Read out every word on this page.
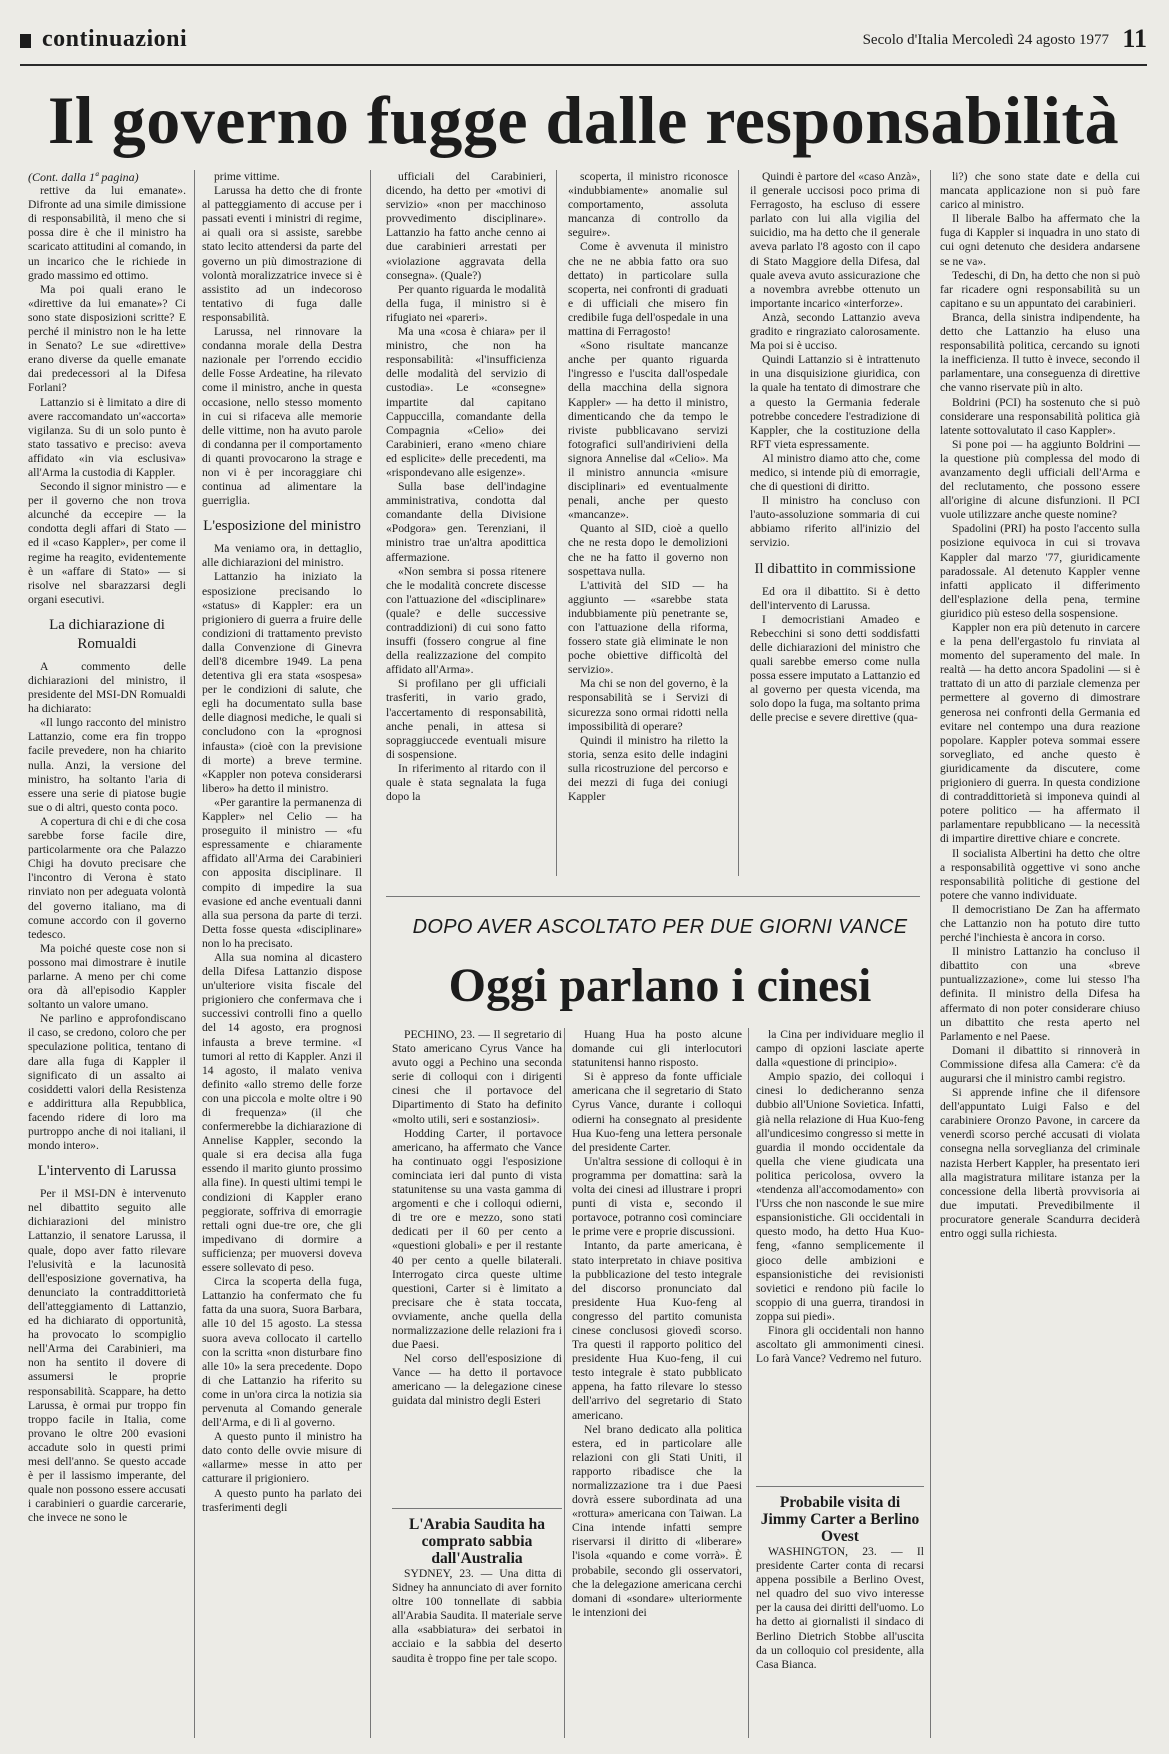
continuazioni	Secolo d'Italia Mercoledì 24 agosto 1977 11
Il governo fugge dalle responsabilità

(Cont. dalla 1ª pagina)

rettive da lui emanate». Difronte ad una simile dimissione di responsabilità, il meno che si possa dire è che il ministro ha scaricato attitudini al comando, in un incarico che le richiede in grado massimo ed ottimo.

Ma poi quali erano le «direttive da lui emanate»? Ci sono state disposizioni scritte? E perché il ministro non le ha lette in Senato? Le sue «direttive» erano diverse da quelle emanate dai predecessori al la Difesa Forlani?

Lattanzio si è limitato a dire di avere raccomandato un'«accorta» vigilanza. Su di un solo punto è stato tassativo e preciso: aveva affidato «in via esclusiva» all'Arma la custodia di Kappler.

Secondo il signor ministro — e per il governo che non trova alcunché da eccepire — la condotta degli affari di Stato — ed il «caso Kappler», per come il regime ha reagito, evidentemente è un «affare di Stato» — si risolve nel sbarazzarsi degli organi esecutivi.

La dichiarazione di Romualdi

A commento delle dichiarazioni del ministro, il presidente del MSI-DN Romualdi ha dichiarato:

«Il lungo racconto del ministro Lattanzio, come era fin troppo facile prevedere, non ha chiarito nulla. Anzi, la versione del ministro, ha soltanto l'aria di essere una serie di piatose bugie sue o di altri, questo conta poco.

A copertura di chi e di che cosa sarebbe forse facile dire, particolarmente ora che Palazzo Chigi ha dovuto precisare che l'incontro di Verona è stato rinviato non per adeguata volontà del governo italiano, ma di comune accordo con il governo tedesco.

Ma poiché queste cose non si possono mai dimostrare è inutile parlarne. A meno per chi come ora dà all'episodio Kappler soltanto un valore umano.

Ne parlino e approfondiscano il caso, se credono, coloro che per speculazione politica, tentano di dare alla fuga di Kappler il significato di un assalto ai cosiddetti valori della Resistenza e addirittura alla Repubblica, facendo ridere di loro ma purtroppo anche di noi italiani, il mondo intero».

L'intervento di Larussa

Per il MSI-DN è intervenuto nel dibattito seguito alle dichiarazioni del ministro Lattanzio, il senatore Larussa, il quale, dopo aver fatto rilevare l'elusività e la lacunosità dell'esposizione governativa, ha denunciato la contraddittorietà dell'atteggiamento di Lattanzio, ed ha dichiarato di opportunità, ha provocato lo scompiglio nell'Arma dei Carabinieri, ma non ha sentito il dovere di assumersi le proprie responsabilità. Scappare, ha detto Larussa, è ormai pur troppo fin troppo facile in Italia, come provano le oltre 200 evasioni accadute solo in questi primi mesi dell'anno. Se questo accade è per il lassismo imperante, del quale non possono essere accusati i carabinieri o guardie carcerarie, che invece ne sono le

prime vittime.

Larussa ha detto che di fronte al patteggiamento di accuse per i passati eventi i ministri di regime, ai quali ora si assiste, sarebbe stato lecito attendersi da parte del governo un più dimostrazione di volontà moralizzatrice invece si è assistito ad un indecoroso tentativo di fuga dalle responsabilità.

Larussa, nel rinnovare la condanna morale della Destra nazionale per l'orrendo eccidio delle Fosse Ardeatine, ha rilevato come il ministro, anche in questa occasione, nello stesso momento in cui si rifaceva alle memorie delle vittime, non ha avuto parole di condanna per il comportamento di quanti provocarono la strage e non vi è per incoraggiare chi continua ad alimentare la guerriglia.

L'esposizione del ministro

Ma veniamo ora, in dettaglio, alle dichiarazioni del ministro.

Lattanzio ha iniziato la esposizione precisando lo «status» di Kappler: era un prigioniero di guerra a fruire delle condizioni di trattamento previsto dalla Convenzione di Ginevra dell'8 dicembre 1949. La pena detentiva gli era stata «sospesa» per le condizioni di salute, che egli ha documentato sulla base delle diagnosi mediche, le quali si concludono con la «prognosi infausta» (cioè con la previsione di morte) a breve termine. «Kappler non poteva considerarsi libero» ha detto il ministro.

«Per garantire la permanenza di Kappler» nel Celio — ha proseguito il ministro — «fu espressamente e chiaramente affidato all'Arma dei Carabinieri con apposita disciplinare. Il compito di impedire la sua evasione ed anche eventuali danni alla sua persona da parte di terzi. Detta fosse questa «disciplinare» non lo ha precisato.

Alla sua nomina al dicastero della Difesa Lattanzio dispose un'ulteriore visita fiscale del prigioniero che confermava che i successivi controlli fino a quello del 14 agosto, era prognosi infausta a breve termine. «I tumori al retto di Kappler. Anzi il 14 agosto, il malato veniva definito «allo stremo delle forze con una piccola e molte oltre i 90 di frequenza» (il che confermerebbe la dichiarazione di Annelise Kappler, secondo la quale si era decisa alla fuga essendo il marito giunto prossimo alla fine). In questi ultimi tempi le condizioni di Kappler erano peggiorate, soffriva di emorragie rettali ogni due-tre ore, che gli impedivano di dormire a sufficienza; per muoversi doveva essere sollevato di peso.

Circa la scoperta della fuga, Lattanzio ha confermato che fu fatta da una suora, Suora Barbara, alle 10 del 15 agosto. La stessa suora aveva collocato il cartello con la scritta «non disturbare fino alle 10» la sera precedente. Dopo di che Lattanzio ha riferito su come in un'ora circa la notizia sia pervenuta al Comando generale dell'Arma, e di lì al governo.

A questo punto il ministro ha dato conto delle ovvie misure di «allarme» messe in atto per catturare il prigioniero.

A questo punto ha parlato dei trasferimenti degli

ufficiali del Carabinieri, dicendo, ha detto per «motivi di servizio» «non per macchinoso provvedimento disciplinare». Lattanzio ha fatto anche cenno ai due carabinieri arrestati per «violazione aggravata della consegna». (Quale?)

Per quanto riguarda le modalità della fuga, il ministro si è rifugiato nei «pareri».

Ma una «cosa è chiara» per il ministro, che non ha responsabilità: «l'insufficienza delle modalità del servizio di custodia». Le «consegne» impartite dal capitano Cappuccilla, comandante della Compagnia «Celio» dei Carabinieri, erano «meno chiare ed esplicite» delle precedenti, ma «rispondevano alle esigenze».

Sulla base dell'indagine amministrativa, condotta dal comandante della Divisione «Podgora» gen. Terenziani, il ministro trae un'altra apodittica affermazione.

«Non sembra si possa ritenere che le modalità concrete discesse con l'attuazione del «disciplinare» (quale? e delle successive contraddizioni) di cui sono fatto insuffi (fossero congrue al fine della realizzazione del compito affidato all'Arma».

Si profilano per gli ufficiali trasferiti, in vario grado, l'accertamento di responsabilità, anche penali, in attesa si sopraggiuccede eventuali misure di sospensione.

In riferimento al ritardo con il quale è stata segnalata la fuga dopo la

scoperta, il ministro riconosce «indubbiamente» anomalie sul comportamento, assoluta mancanza di controllo da seguire».

Come è avvenuta il ministro che ne ne abbia fatto ora suo dettato) in particolare sulla scoperta, nei confronti di graduati e di ufficiali che misero fin credibile fuga dell'ospedale in una mattina di Ferragosto!

«Sono risultate mancanze anche per quanto riguarda l'ingresso e l'uscita dall'ospedale della macchina della signora Kappler» — ha detto il ministro, dimenticando che da tempo le riviste pubblicavano servizi fotografici sull'andirivieni della signora Annelise dal «Celio». Ma il ministro annuncia «misure disciplinari» ed eventualmente penali, anche per questo «mancanze».

Quanto al SID, cioè a quello che ne resta dopo le demolizioni che ne ha fatto il governo non sospettava nulla.

L'attività del SID — ha aggiunto — «sarebbe stata indubbiamente più penetrante se, con l'attuazione della riforma, fossero state già eliminate le non poche obiettive difficoltà del servizio».

Ma chi se non del governo, è la responsabilità se i Servizi di sicurezza sono ormai ridotti nella impossibilità di operare?

Quindi il ministro ha riletto la storia, senza esito delle indagini sulla ricostruzione del percorso e dei mezzi di fuga dei coniugi Kappler

Quindi è partore del «caso Anzà», il generale uccisosi poco prima di Ferragosto, ha escluso di essere parlato con lui alla vigilia del suicidio, ma ha detto che il generale aveva parlato l'8 agosto con il capo di Stato Maggiore della Difesa, dal quale aveva avuto assicurazione che a novembra avrebbe ottenuto un importante incarico «interforze».

Anzà, secondo Lattanzio aveva gradito e ringraziato calorosamente. Ma poi si è ucciso.

Quindi Lattanzio si è intrattenuto in una disquisizione giuridica, con la quale ha tentato di dimostrare che a questo la Germania federale potrebbe concedere l'estradizione di Kappler, che la costituzione della RFT vieta espressamente.

Al ministro diamo atto che, come medico, si intende più di emorragie, che di questioni di diritto.

Il ministro ha concluso con l'auto-assoluzione sommaria di cui abbiamo riferito all'inizio del servizio.

Il dibattito in commissione

Ed ora il dibattito. Si è detto dell'intervento di Larussa.

I democristiani Amadeo e Rebecchini si sono detti soddisfatti delle dichiarazioni del ministro che quali sarebbe emerso come nulla possa essere imputato a Lattanzio ed al governo per questa vicenda, ma solo dopo la fuga, ma soltanto prima delle precise e severe direttive (qua-

li?) che sono state date e della cui mancata applicazione non si può fare carico al ministro.

Il liberale Balbo ha affermato che la fuga di Kappler si inquadra in uno stato di cui ogni detenuto che desidera andarsene se ne va».

Tedeschi, di Dn, ha detto che non si può far ricadere ogni responsabilità su un capitano e su un appuntato dei carabinieri.

Branca, della sinistra indipendente, ha detto che Lattanzio ha eluso una responsabilità politica, cercando su ignoti la inefficienza. Il tutto è invece, secondo il parlamentare, una conseguenza di direttive che vanno riservate più in alto.

Boldrini (PCI) ha sostenuto che si può considerare una responsabilità politica già latente sottovalutato il caso Kappler».

Si pone poi — ha aggiunto Boldrini — la questione più complessa del modo di avanzamento degli ufficiali dell'Arma e del reclutamento, che possono essere all'origine di alcune disfunzioni. Il PCI vuole utilizzare anche queste nomine?

Spadolini (PRI) ha posto l'accento sulla posizione equivoca in cui si trovava Kappler dal marzo '77, giuridicamente paradossale. Al detenuto Kappler venne infatti applicato il differimento dell'esplazione della pena, termine giuridico più esteso della sospensione.

Kappler non era più detenuto in carcere e la pena dell'ergastolo fu rinviata al momento del superamento del male. In realtà — ha detto ancora Spadolini — si è trattato di un atto di parziale clemenza per permettere al governo di dimostrare generosa nei confronti della Germania ed evitare nel contempo una dura reazione popolare. Kappler poteva sommai essere sorvegliato, ed anche questo è giuridicamente da discutere, come prigioniero di guerra. In questa condizione di contraddittorietà si imponeva quindi al potere politico — ha affermato il parlamentare repubblicano — la necessità di impartire direttive chiare e concrete.

Il socialista Albertini ha detto che oltre a responsabilità oggettive vi sono anche responsabilità politiche di gestione del potere che vanno individuate.

Il democristiano De Zan ha affermato che Lattanzio non ha potuto dire tutto perché l'inchiesta è ancora in corso.

Il ministro Lattanzio ha concluso il dibattito con una «breve puntualizzazione», come lui stesso l'ha definita. Il ministro della Difesa ha affermato di non poter considerare chiuso un dibattito che resta aperto nel Parlamento e nel Paese.

Domani il dibattito si rinnoverà in Commissione difesa alla Camera: c'è da augurarsi che il ministro cambi registro.

Si apprende infine che il difensore dell'appuntato Luigi Falso e del carabiniere Oronzo Pavone, in carcere da venerdì scorso perché accusati di violata consegna nella sorveglianza del criminale nazista Herbert Kappler, ha presentato ieri alla magistratura militare istanza per la concessione della libertà provvisoria ai due imputati. Prevedibilmente il procuratore generale Scandurra deciderà entro oggi sulla richiesta.

DOPO AVER ASCOLTATO PER DUE GIORNI VANCE
Oggi parlano i cinesi

PECHINO, 23. — Il segretario di Stato americano Cyrus Vance ha avuto oggi a Pechino una seconda serie di colloqui con i dirigenti cinesi che il portavoce del Dipartimento di Stato ha definito «molto utili, seri e sostanziosi».

Hodding Carter, il portavoce americano, ha affermato che Vance ha continuato oggi l'esposizione cominciata ieri dal punto di vista statunitense su una vasta gamma di argomenti e che i colloqui odierni, di tre ore e mezzo, sono stati dedicati per il 60 per cento a «questioni globali» e per il restante 40 per cento a quelle bilaterali. Interrogato circa queste ultime questioni, Carter si è limitato a precisare che è stata toccata, ovviamente, anche quella della normalizzazione delle relazioni fra i due Paesi.

Nel corso dell'esposizione di Vance — ha detto il portavoce americano — la delegazione cinese guidata dal ministro degli Esteri

Huang Hua ha posto alcune domande cui gli interlocutori statunitensi hanno risposto.

Si è appreso da fonte ufficiale americana che il segretario di Stato Cyrus Vance, durante i colloqui odierni ha consegnato al presidente Hua Kuo-feng una lettera personale del presidente Carter.

Un'altra sessione di colloqui è in programma per domattina: sarà la volta dei cinesi ad illustrare i propri punti di vista e, secondo il portavoce, potranno così cominciare le prime vere e proprie discussioni.

Intanto, da parte americana, è stato interpretato in chiave positiva la pubblicazione del testo integrale del discorso pronunciato dal presidente Hua Kuo-feng al congresso del partito comunista cinese conclusosi giovedì scorso. Tra questi il rapporto politico del presidente Hua Kuo-feng, il cui testo integrale è stato pubblicato appena, ha fatto rilevare lo stesso dell'arrivo del segretario di Stato americano.

Nel brano dedicato alla politica estera, ed in particolare alle relazioni con gli Stati Uniti, il rapporto ribadisce che la normalizzazione tra i due Paesi dovrà essere subordinata ad una «rottura» americana con Taiwan. La Cina intende infatti sempre riservarsi il diritto di «liberare» l'isola «quando e come vorrà». È probabile, secondo gli osservatori, che la delegazione americana cerchi domani di «sondare» ulteriormente le intenzioni dei

la Cina per individuare meglio il campo di opzioni lasciate aperte dalla «questione di principio».

Ampio spazio, dei colloqui i cinesi lo dedicheranno senza dubbio all'Unione Sovietica. Infatti, già nella relazione di Hua Kuo-feng all'undicesimo congresso si mette in guardia il mondo occidentale da quella che viene giudicata una politica pericolosa, ovvero la «tendenza all'accomodamento» con l'Urss che non nasconde le sue mire espansionistiche. Gli occidentali in questo modo, ha detto Hua Kuo-feng, «fanno semplicemente il gioco delle ambizioni e espansionistiche dei revisionisti sovietici e rendono più facile lo scoppio di una guerra, tirandosi in zoppa sui piedi».

Finora gli occidentali non hanno ascoltato gli ammonimenti cinesi. Lo farà Vance? Vedremo nel futuro.

L'Arabia Saudita ha comprato sabbia dall'Australia

SYDNEY, 23. — Una ditta di Sidney ha annunciato di aver fornito oltre 100 tonnellate di sabbia all'Arabia Saudita. Il materiale serve alla «sabbiatura» dei serbatoi in acciaio e la sabbia del deserto saudita è troppo fine per tale scopo.

Probabile visita di Jimmy Carter a Berlino Ovest

WASHINGTON, 23. — Il presidente Carter conta di recarsi appena possibile a Berlino Ovest, nel quadro del suo vivo interesse per la causa dei diritti dell'uomo. Lo ha detto ai giornalisti il sindaco di Berlino Dietrich Stobbe all'uscita da un colloquio col presidente, alla Casa Bianca.
